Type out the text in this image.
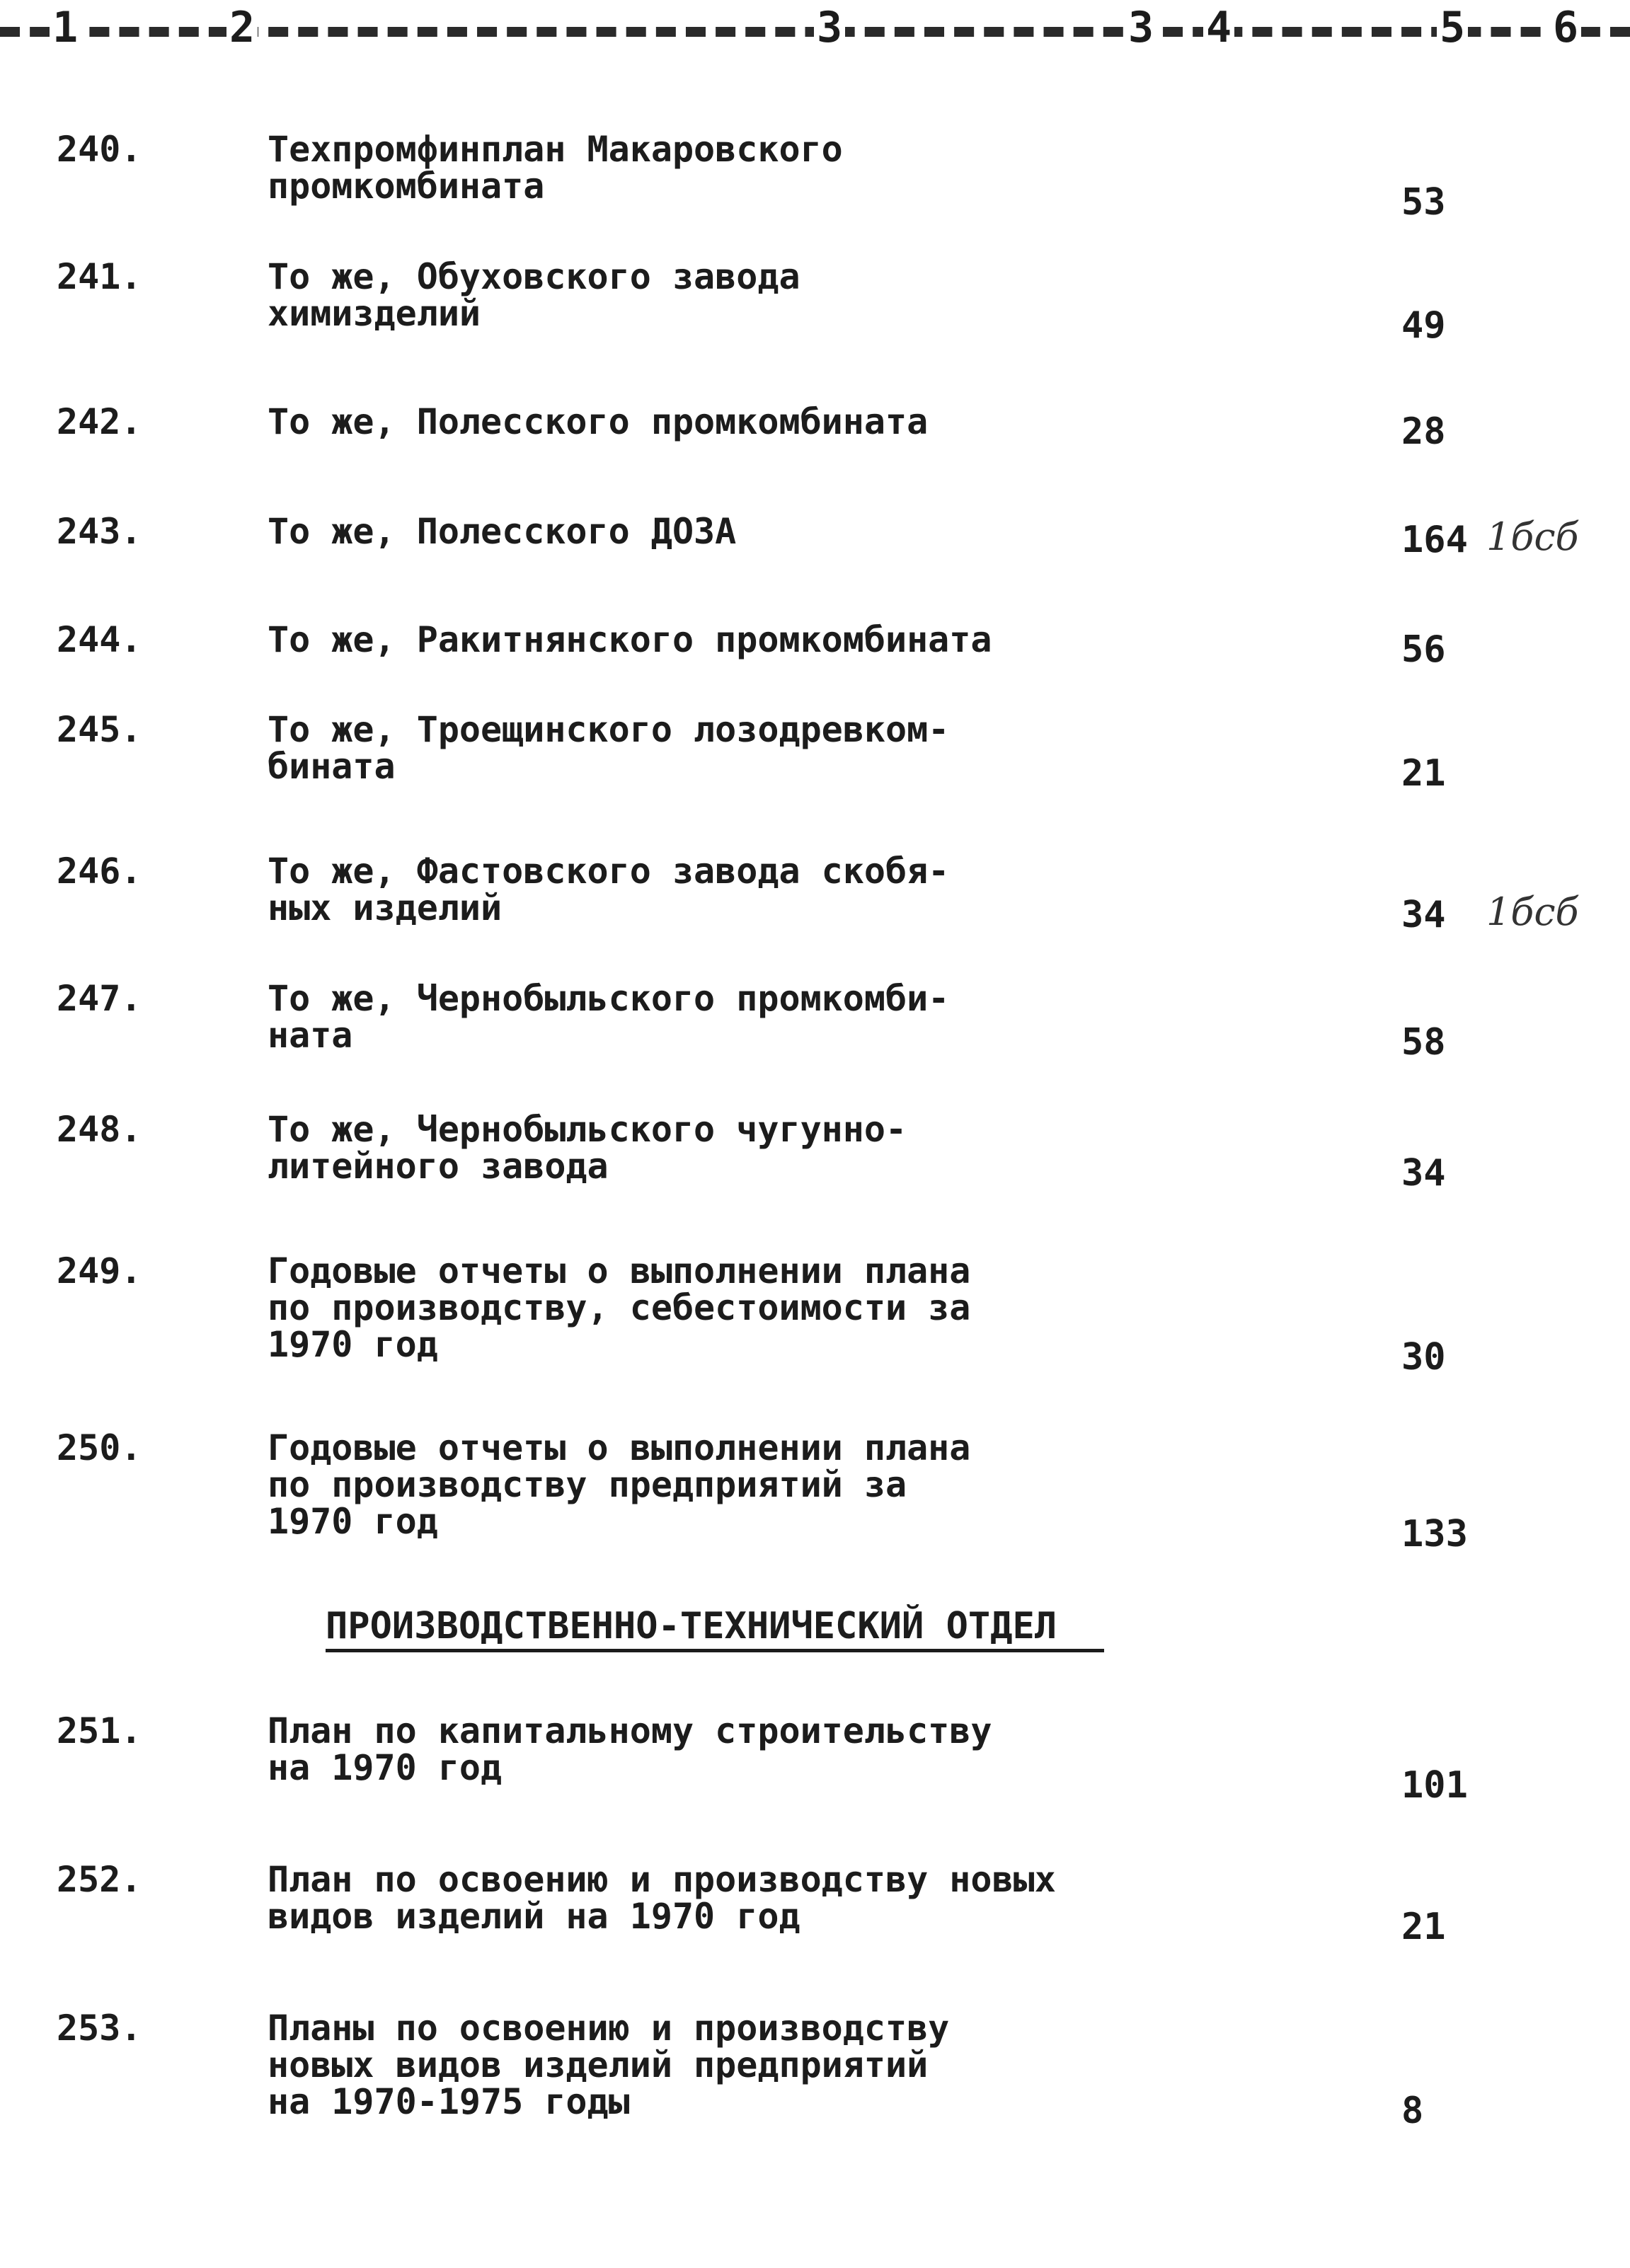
1	2	3	3 4	5 6
240.	Техпромфинплан Макаровского
промкомбината	53
241.	То же, Обуховского завода
химизделий	49
242.	То же, Полесского промкомбината	28
243.	То же, Полесского ДОЗА	164 1бсб
244.	То же, Ракитнянского промкомбината	56
245.	То же, Троещинского лозодревком-
бината	21
246.	То же, Фастовского завода скобя-
ных изделий	34	1бсб
247.	То же, Чернобыльского промкомби-
ната	58
248.	То же, Чернобыльского чугунно-
литейного завода	34
249.	Годовые отчеты о выполнении плана
по производству, себестоимости за
1970 год	30
250.	Годовые отчеты о выполнении плана
по производству предприятий за
1970 год	133
251.	План по капитальному строительству
на 1970 год	101
252.	План по освоению и производству новых
видов изделий на 1970 год	21
253.	Планы по освоению и производству
новых видов изделий предприятий
на 1970-1975 годы	8
ПРОИЗВОДСТВЕННО-ТЕХНИЧЕСКИЙ ОТДЕЛ
